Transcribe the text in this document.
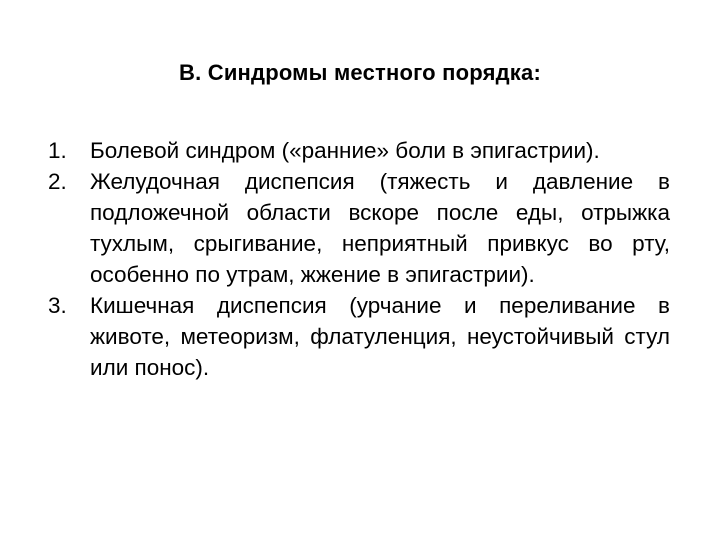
В. Синдромы местного порядка:
1. Болевой синдром («ранние» боли в эпигастрии).
2. Желудочная диспепсия (тяжесть и давление в подложечной области вскоре после еды, отрыжка тухлым, срыгивание, неприятный привкус во рту, особенно по утрам, жжение в эпигастрии).
3. Кишечная диспепсия (урчание и переливание в животе, метеоризм, флатуленция, неустойчивый стул или понос).
